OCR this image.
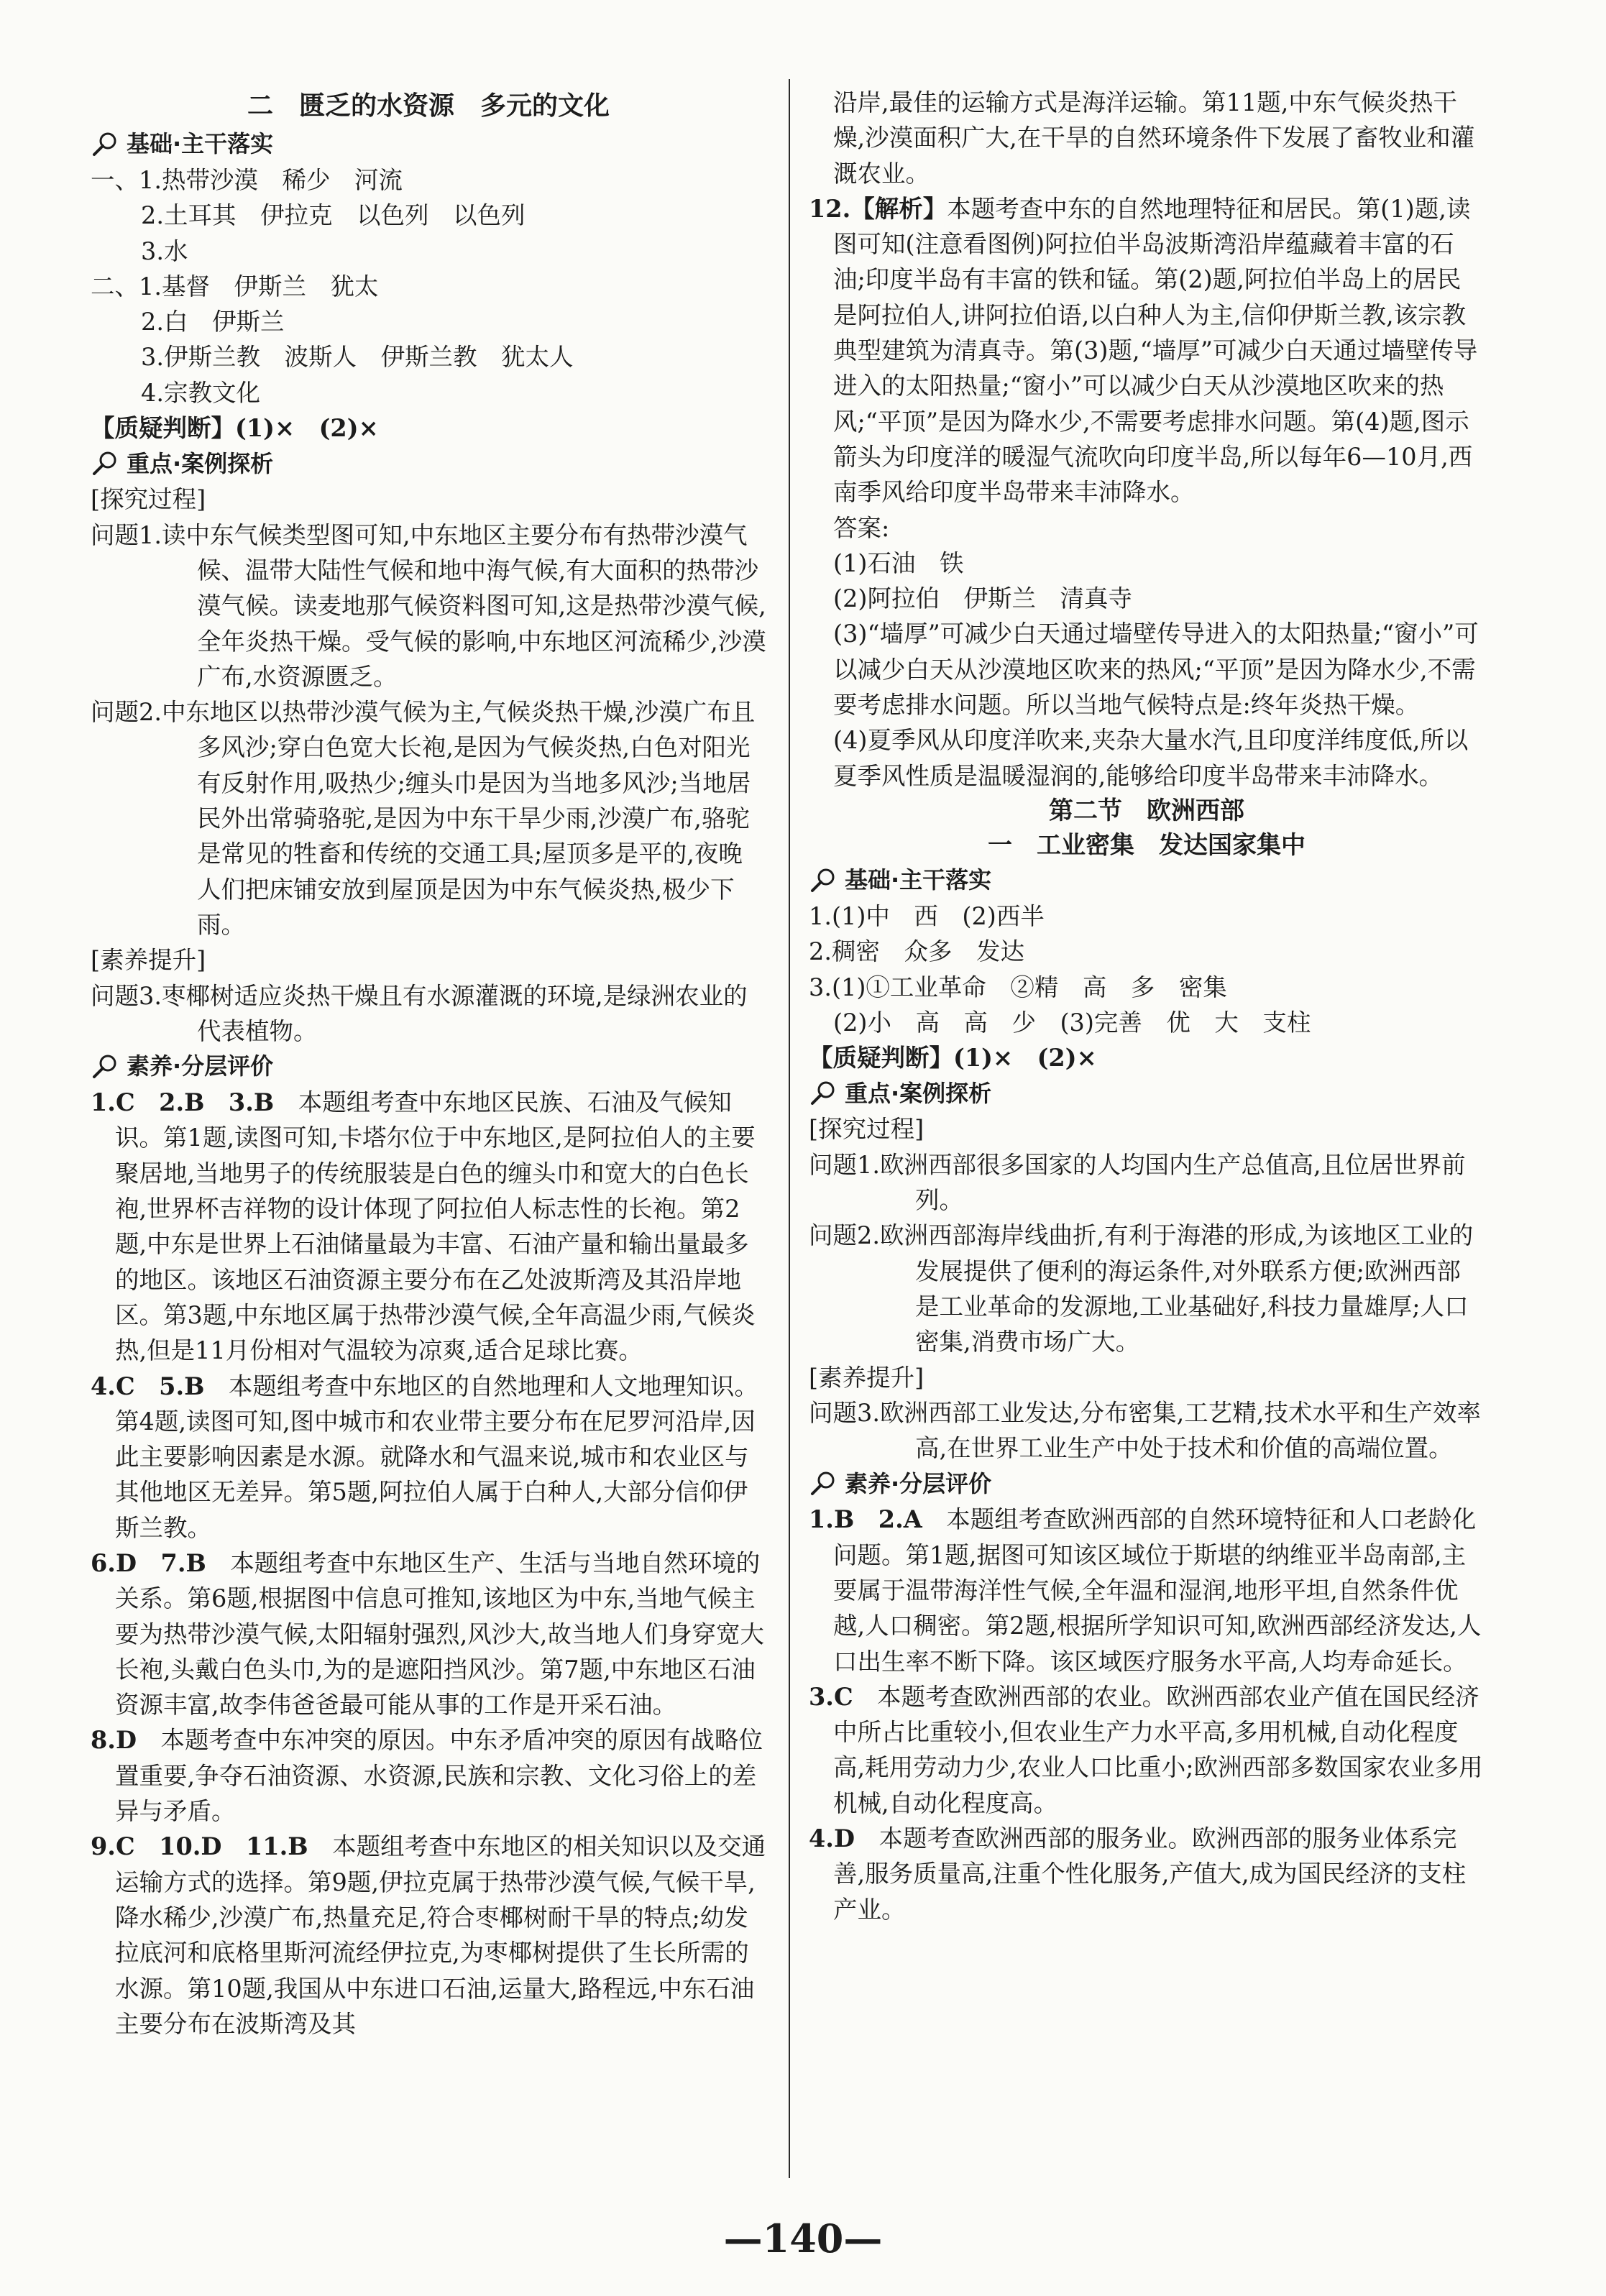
二　匮乏的水资源　多元的文化

基础·主干落实

一、1.热带沙漠　稀少　河流

2.土耳其　伊拉克　以色列　以色列

3.水

二、1.基督　伊斯兰　犹太

2.白　伊斯兰

3.伊斯兰教　波斯人　伊斯兰教　犹太人

4.宗教文化

【质疑判断】(1)×　(2)×

重点·案例探析

[探究过程]

问题1.读中东气候类型图可知,中东地区主要分布有热带沙漠气候、温带大陆性气候和地中海气候,有大面积的热带沙漠气候。读麦地那气候资料图可知,这是热带沙漠气候,全年炎热干燥。受气候的影响,中东地区河流稀少,沙漠广布,水资源匮乏。

问题2.中东地区以热带沙漠气候为主,气候炎热干燥,沙漠广布且多风沙;穿白色宽大长袍,是因为气候炎热,白色对阳光有反射作用,吸热少;缠头巾是因为当地多风沙;当地居民外出常骑骆驼,是因为中东干旱少雨,沙漠广布,骆驼是常见的牲畜和传统的交通工具;屋顶多是平的,夜晚人们把床铺安放到屋顶是因为中东气候炎热,极少下雨。

[素养提升]

问题3.枣椰树适应炎热干燥且有水源灌溉的环境,是绿洲农业的代表植物。

素养·分层评价

1.C　2.B　3.B　 本题组考查中东地区民族、石油及气候知识。第1题,读图可知,卡塔尔位于中东地区,是阿拉伯人的主要聚居地,当地男子的传统服装是白色的缠头巾和宽大的白色长袍,世界杯吉祥物的设计体现了阿拉伯人标志性的长袍。第2题,中东是世界上石油储量最为丰富、石油产量和输出量最多的地区。该地区石油资源主要分布在乙处波斯湾及其沿岸地区。第3题,中东地区属于热带沙漠气候,全年高温少雨,气候炎热,但是11月份相对气温较为凉爽,适合足球比赛。

4.C　5.B　 本题组考查中东地区的自然地理和人文地理知识。第4题,读图可知,图中城市和农业带主要分布在尼罗河沿岸,因此主要影响因素是水源。就降水和气温来说,城市和农业区与其他地区无差异。第5题,阿拉伯人属于白种人,大部分信仰伊斯兰教。

6.D　7.B　 本题组考查中东地区生产、生活与当地自然环境的关系。第6题,根据图中信息可推知,该地区为中东,当地气候主要为热带沙漠气候,太阳辐射强烈,风沙大,故当地人们身穿宽大长袍,头戴白色头巾,为的是遮阳挡风沙。第7题,中东地区石油资源丰富,故李伟爸爸最可能从事的工作是开采石油。

8.D　 本题考查中东冲突的原因。中东矛盾冲突的原因有战略位置重要,争夺石油资源、水资源,民族和宗教、文化习俗上的差异与矛盾。

9.C　10.D　11.B　 本题组考查中东地区的相关知识以及交通运输方式的选择。第9题,伊拉克属于热带沙漠气候,气候干旱,降水稀少,沙漠广布,热量充足,符合枣椰树耐干旱的特点;幼发拉底河和底格里斯河流经伊拉克,为枣椰树提供了生长所需的水源。第10题,我国从中东进口石油,运量大,路程远,中东石油主要分布在波斯湾及其

沿岸,最佳的运输方式是海洋运输。第11题,中东气候炎热干燥,沙漠面积广大,在干旱的自然环境条件下发展了畜牧业和灌溉农业。

12.【解析】本题考查中东的自然地理特征和居民。第(1)题,读图可知(注意看图例)阿拉伯半岛波斯湾沿岸蕴藏着丰富的石油;印度半岛有丰富的铁和锰。第(2)题,阿拉伯半岛上的居民是阿拉伯人,讲阿拉伯语,以白种人为主,信仰伊斯兰教,该宗教典型建筑为清真寺。第(3)题,“墙厚”可减少白天通过墙壁传导进入的太阳热量;“窗小”可以减少白天从沙漠地区吹来的热风;“平顶”是因为降水少,不需要考虑排水问题。第(4)题,图示箭头为印度洋的暖湿气流吹向印度半岛,所以每年6—10月,西南季风给印度半岛带来丰沛降水。

答案:

(1)石油　铁

(2)阿拉伯　伊斯兰　清真寺

(3)“墙厚”可减少白天通过墙壁传导进入的太阳热量;“窗小”可以减少白天从沙漠地区吹来的热风;“平顶”是因为降水少,不需要考虑排水问题。所以当地气候特点是:终年炎热干燥。

(4)夏季风从印度洋吹来,夹杂大量水汽,且印度洋纬度低,所以夏季风性质是温暖湿润的,能够给印度半岛带来丰沛降水。

第二节　欧洲西部

一　工业密集　发达国家集中

基础·主干落实

1.(1)中　西　(2)西半

2.稠密　众多　发达

3.(1)①工业革命　②精　高　多　密集

(2)小　高　高　少　(3)完善　优　大　支柱

【质疑判断】(1)×　(2)×

重点·案例探析

[探究过程]

问题1.欧洲西部很多国家的人均国内生产总值高,且位居世界前列。

问题2.欧洲西部海岸线曲折,有利于海港的形成,为该地区工业的发展提供了便利的海运条件,对外联系方便;欧洲西部是工业革命的发源地,工业基础好,科技力量雄厚;人口密集,消费市场广大。

[素养提升]

问题3.欧洲西部工业发达,分布密集,工艺精,技术水平和生产效率高,在世界工业生产中处于技术和价值的高端位置。

素养·分层评价

1.B　2.A　 本题组考查欧洲西部的自然环境特征和人口老龄化问题。第1题,据图可知该区域位于斯堪的纳维亚半岛南部,主要属于温带海洋性气候,全年温和湿润,地形平坦,自然条件优越,人口稠密。第2题,根据所学知识可知,欧洲西部经济发达,人口出生率不断下降。该区域医疗服务水平高,人均寿命延长。

3.C　 本题考查欧洲西部的农业。欧洲西部农业产值在国民经济中所占比重较小,但农业生产力水平高,多用机械,自动化程度高,耗用劳动力少,农业人口比重小;欧洲西部多数国家农业多用机械,自动化程度高。

4.D　 本题考查欧洲西部的服务业。欧洲西部的服务业体系完善,服务质量高,注重个性化服务,产值大,成为国民经济的支柱产业。

—140—
